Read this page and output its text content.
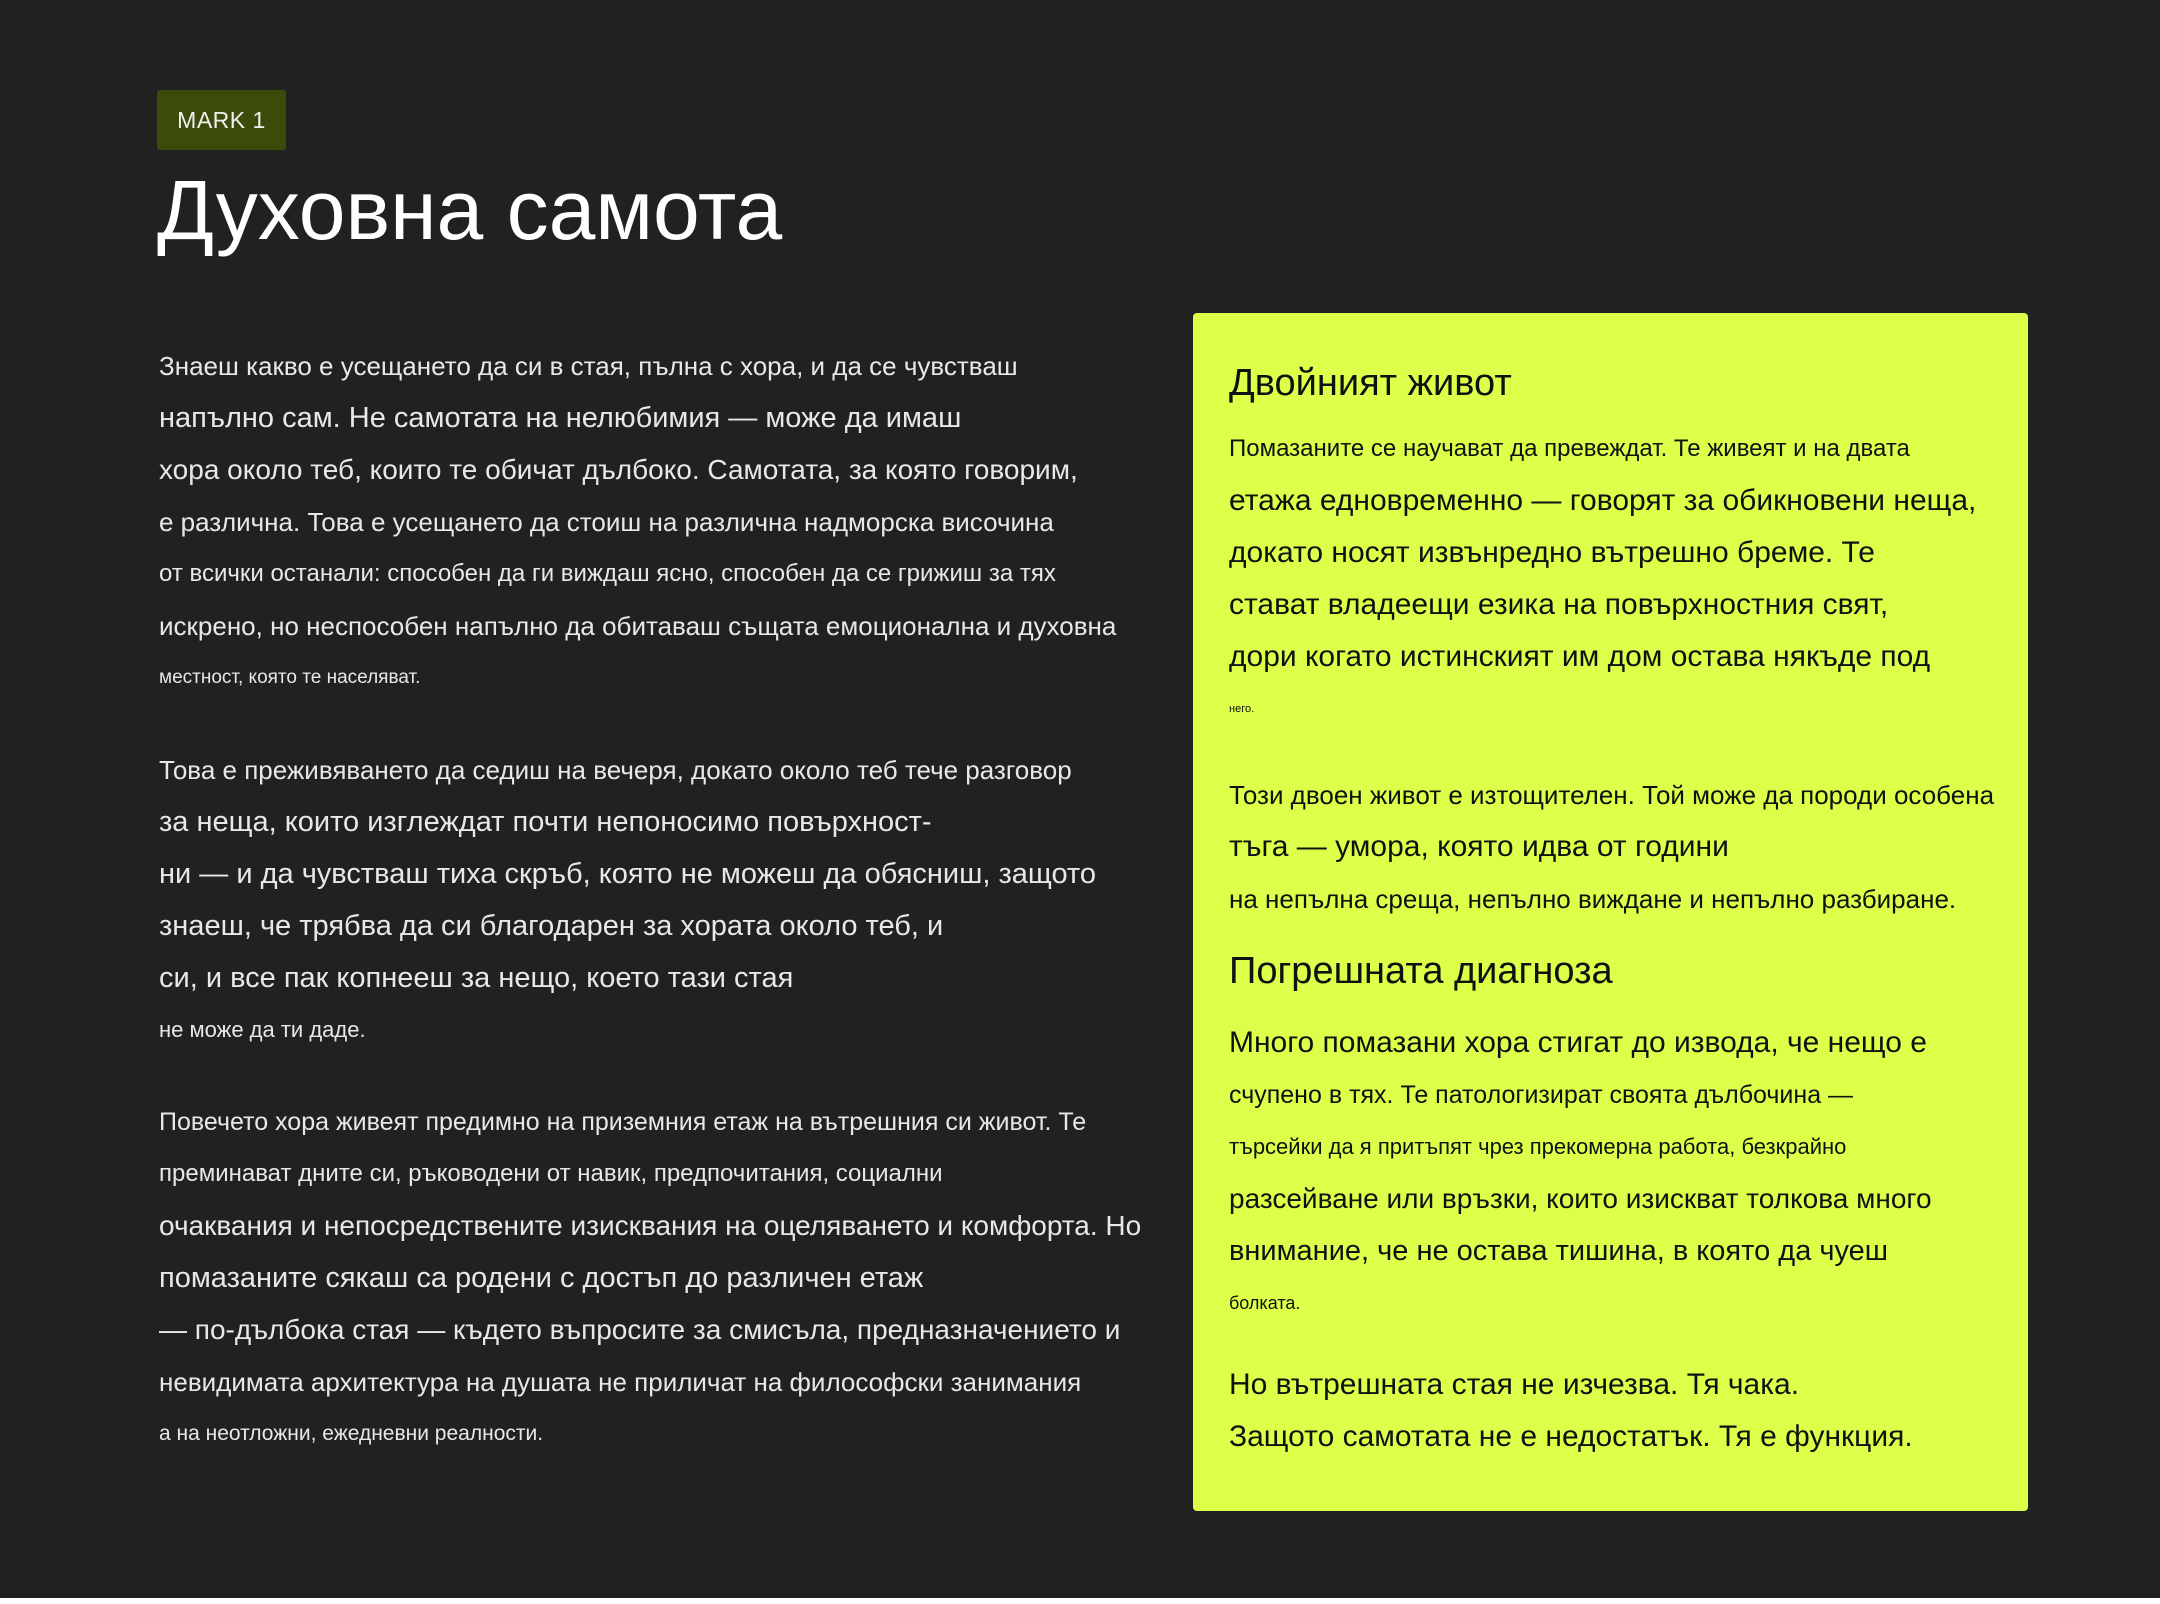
MARK 1
Духовна самота
Знаеш какво е усещането да си в стая, пълна с хора, и да се чувстваш
напълно сам. Не самотата на нелюбимия — може да имаш
хора около теб, които те обичат дълбоко. Самотата, за която говорим,
е различна. Това е усещането да стоиш на различна надморска височина
от всички останали: способен да ги виждаш ясно, способен да се грижиш за тях
искрено, но неспособен напълно да обитаваш същата емоционална и духовна
местност, която те населяват.
Това е преживяването да седиш на вечеря, докато около теб тече разговор
за неща, които изглеждат почти непоносимо повърхност-
ни — и да чувстваш тиха скръб, която не можеш да обясниш, защото
знаеш, че трябва да си благодарен за хората около теб, и
си, и все пак копнееш за нещо, което тази стая
не може да ти даде.
Повечето хора живеят предимно на приземния етаж на вътрешния си живот. Те
преминават дните си, ръководени от навик, предпочитания, социални
очаквания и непосредствените изисквания на оцеляването и комфорта. Но
помазаните сякаш са родени с достъп до различен етаж
— по-дълбока стая — където въпросите за смисъла, предназначението и
невидимата архитектура на душата не приличат на философски занимания
а на неотложни, ежедневни реалности.
Двойният живот
Помазаните се научават да превеждат. Те живеят и на двата
етажа едновременно — говорят за обикновени неща,
докато носят извънредно вътрешно бреме. Те
стават владеещи езика на повърхностния свят,
дори когато истинският им дом остава някъде под
него.
Този двоен живот е изтощителен. Той може да породи особена
тъга — умора, която идва от години
на непълна среща, непълно виждане и непълно разбиране.
Погрешната диагноза
Много помазани хора стигат до извода, че нещо е
счупено в тях. Те патологизират своята дълбочина —
търсейки да я притъпят чрез прекомерна работа, безкрайно
разсейване или връзки, които изискват толкова много
внимание, че не остава тишина, в която да чуеш
болката.
Но вътрешната стая не изчезва. Тя чака.
Защото самотата не е недостатък. Тя е функция.
